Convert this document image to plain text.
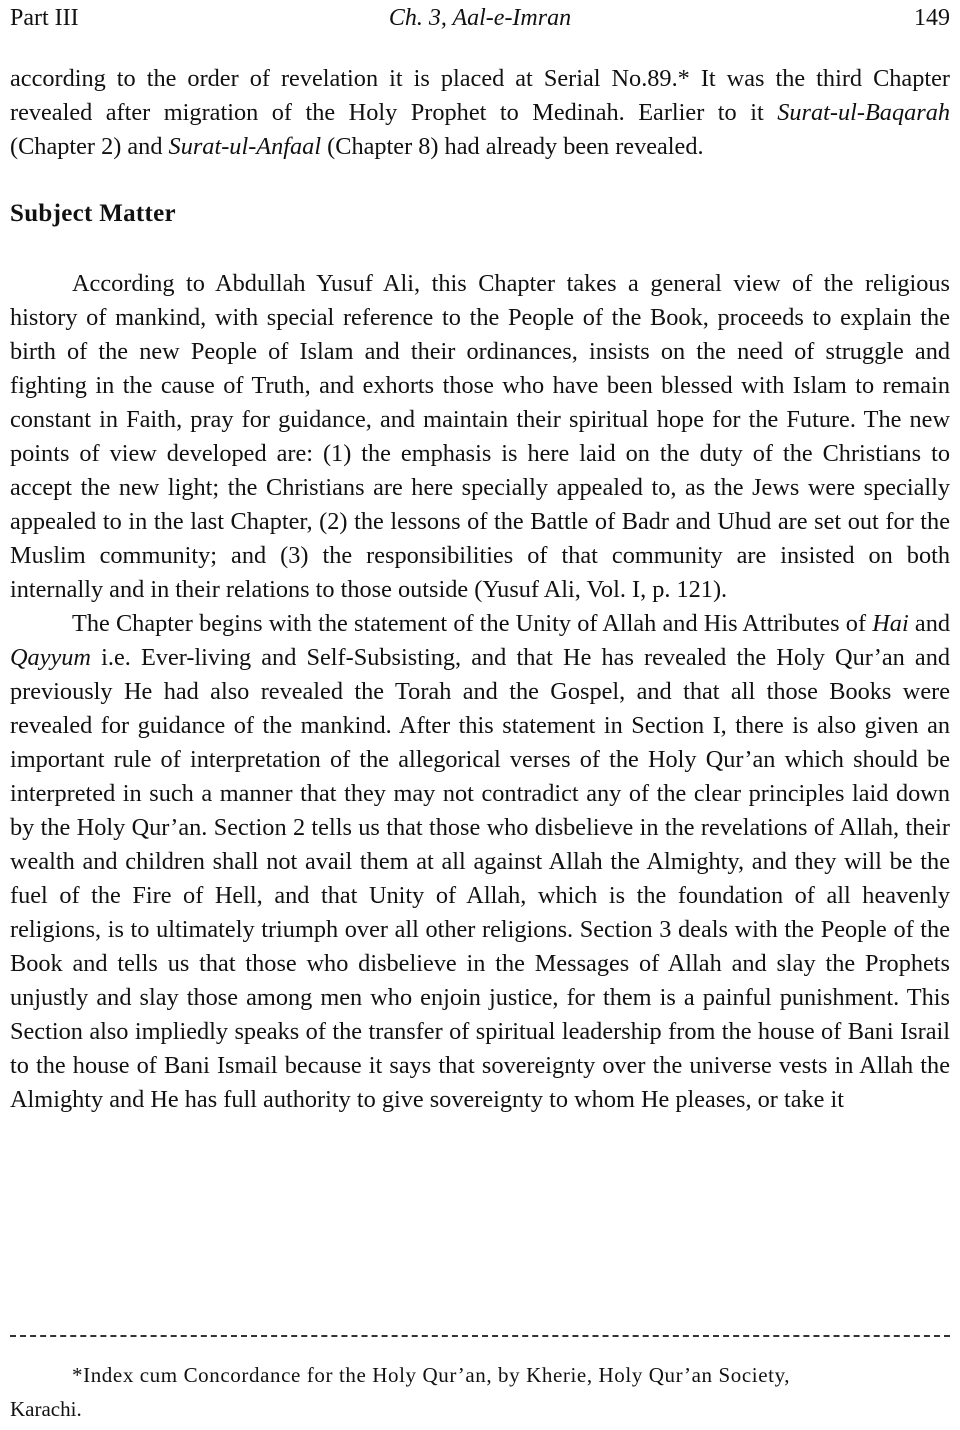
Part III	Ch. 3, Aal-e-Imran	149

according to the order of revelation it is placed at Serial No.89.* It was the third Chapter revealed after migration of the Holy Prophet to Medinah. Earlier to it Surat-ul-Baqarah (Chapter 2) and Surat-ul-Anfaal (Chapter 8) had already been revealed.

Subject Matter

According to Abdullah Yusuf Ali, this Chapter takes a general view of the religious history of mankind, with special reference to the People of the Book, proceeds to explain the birth of the new People of Islam and their ordinances, insists on the need of struggle and fighting in the cause of Truth, and exhorts those who have been blessed with Islam to remain constant in Faith, pray for guidance, and maintain their spiritual hope for the Future. The new points of view developed are: (1) the emphasis is here laid on the duty of the Christians to accept the new light; the Christians are here specially appealed to, as the Jews were specially appealed to in the last Chapter, (2) the lessons of the Battle of Badr and Uhud are set out for the Muslim community; and (3) the responsibilities of that community are insisted on both internally and in their relations to those outside (Yusuf Ali, Vol. I, p. 121).

The Chapter begins with the statement of the Unity of Allah and His Attributes of Hai and Qayyum i.e. Ever-living and Self-Subsisting, and that He has revealed the Holy Qur’an and previously He had also revealed the Torah and the Gospel, and that all those Books were revealed for guidance of the mankind. After this statement in Section I, there is also given an important rule of interpretation of the allegorical verses of the Holy Qur’an which should be interpreted in such a manner that they may not contradict any of the clear principles laid down by the Holy Qur’an. Section 2 tells us that those who disbelieve in the revelations of Allah, their wealth and children shall not avail them at all against Allah the Almighty, and they will be the fuel of the Fire of Hell, and that Unity of Allah, which is the foundation of all heavenly religions, is to ultimately triumph over all other religions. Section 3 deals with the People of the Book and tells us that those who disbelieve in the Messages of Allah and slay the Prophets unjustly and slay those among men who enjoin justice, for them is a painful punishment. This Section also impliedly speaks of the transfer of spiritual leadership from the house of Bani Israil to the house of Bani Ismail because it says that sovereignty over the universe vests in Allah the Almighty and He has full authority to give sovereignty to whom He pleases, or take it

*Index cum Concordance for the Holy Qur’an, by Kherie, Holy Qur’an Society,
Karachi.
